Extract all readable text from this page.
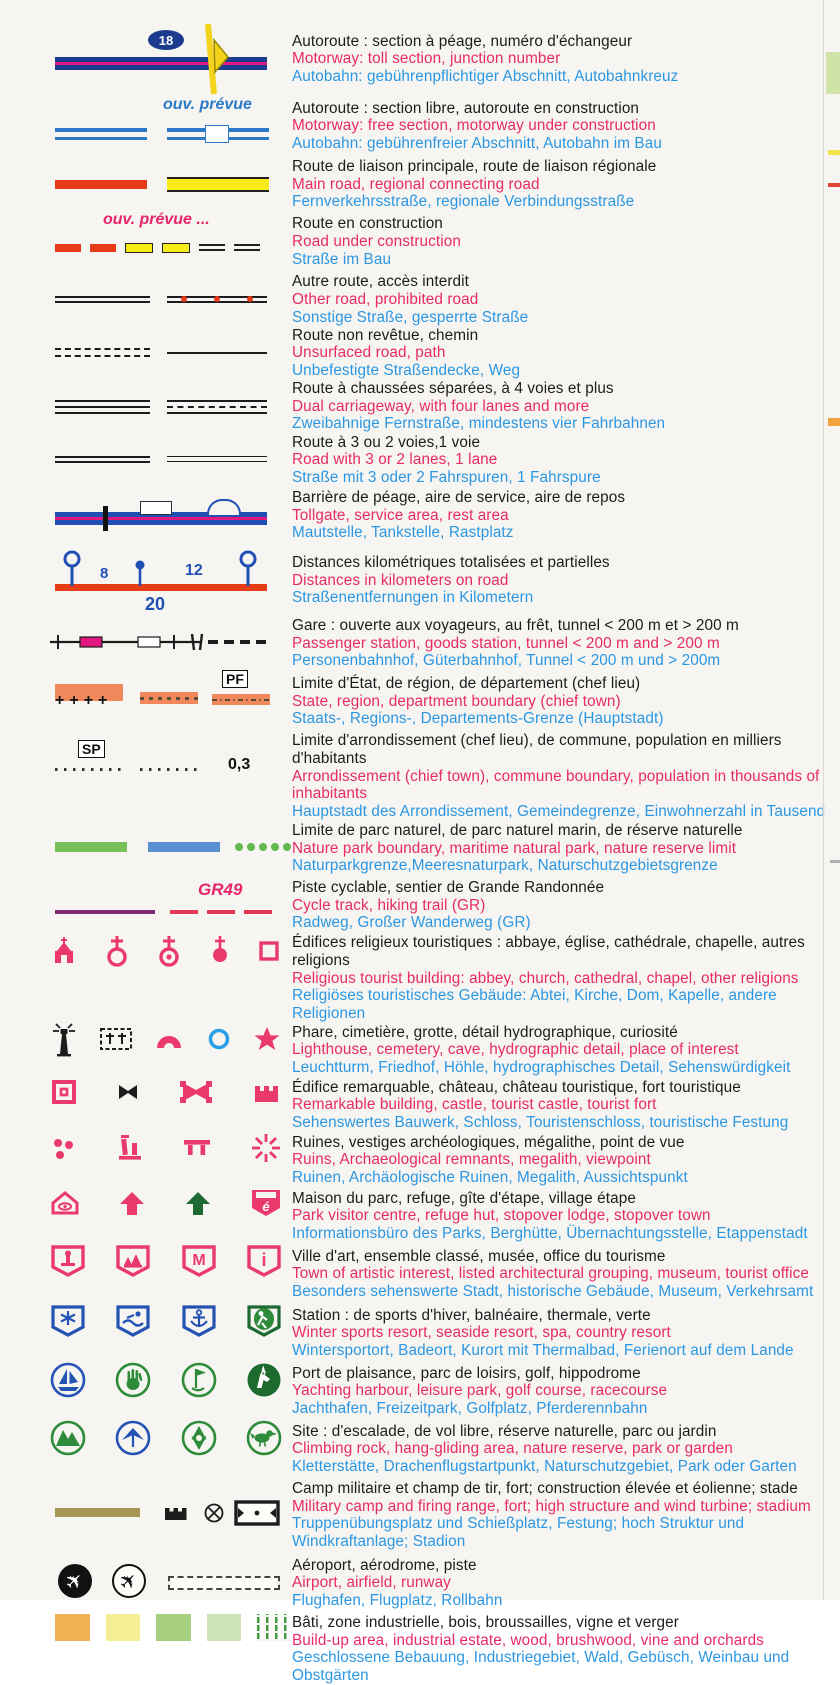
18	Autoroute : section à péage, numéro d'échangeur

Motorway: toll section, junction number

Autobahn: gebührenpflichtiger Abschnitt, Autobahnkreuz

ouv. prévue	Autoroute : section libre, autoroute en construction

Motorway: free section, motorway under construction

Autobahn: gebührenfreier Abschnitt, Autobahn im Bau

Route de liaison principale, route de liaison régionale

Main road, regional connecting road

Fernverkehrsstraße, regionale Verbindungsstraße

ouv. prévue ...	Route en construction

Road under construction

Straße im Bau

Autre route, accès interdit

Other road, prohibited road

Sonstige Straße, gesperrte Straße

Route non revêtue, chemin

Unsurfaced road, path

Unbefestigte Straßendecke, Weg

Route à chaussées séparées, à 4 voies et plus

Dual carriageway, with four lanes and more

Zweibahnige Fernstraße, mindestens vier Fahrbahnen

Route à 3 ou 2 voies,1 voie

Road with 3 or 2 lanes, 1 lane

Straße mit 3 oder 2 Fahrspuren, 1 Fahrspure

Barrière de péage, aire de service, aire de repos

Tollgate, service area, rest area

Mautstelle, Tankstelle, Rastplatz

8	12
20

Distances kilométriques totalisées et partielles

Distances in kilometers on road

Straßenentfernungen in Kilometern

Gare : ouverte aux voyageurs, au frêt, tunnel < 200 m et > 200 m

Passenger station, goods station, tunnel < 200 m and > 200 m

Personenbahnhof, Güterbahnhof, Tunnel < 200 m und > 200m

++++
PF	Limite d'État, de région, de département (chef lieu)

State, region, department boundary (chief town)

Staats-, Regions-, Departements-Grenze (Hauptstadt)

SP
0,3

Limite d'arrondissement (chef lieu), de commune, population en milliers d'habitants

Arrondissement (chief town), commune boundary, population in thousands of inhabitants

Hauptstadt des Arrondissement, Gemeindegrenze, Einwohnerzahl in Tausend

Limite de parc naturel, de parc naturel marin, de réserve naturelle

Nature park boundary, maritime natural park, nature reserve limit

Naturparkgrenze,Meeresnaturpark, Naturschutzgebietsgrenze

GR49	Piste cyclable, sentier de Grande Randonnée

Cycle track, hiking trail (GR)

Radweg, Großer Wanderweg (GR)

Édifices religieux touristiques : abbaye, église, cathédrale, chapelle, autres religions

Religious tourist building: abbey, church, cathedral, chapel, other religions

Religiöses touristisches Gebäude: Abtei, Kirche, Dom, Kapelle, andere Religionen

Phare, cimetière, grotte, détail hydrographique, curiosité

Lighthouse, cemetery, cave, hydrographic detail, place of interest

Leuchtturm, Friedhof, Höhle, hydrographisches Detail, Sehenswürdigkeit

Édifice remarquable, château, château touristique, fort touristique

Remarkable building, castle, tourist castle, tourist fort

Sehenswertes Bauwerk, Schloss, Touristenschloss, touristische Festung

Ruines, vestiges archéologiques, mégalithe, point de vue

Ruins, Archaeological remnants, megalith, viewpoint

Ruinen, Archäologische Ruinen, Megalith, Aussichtspunkt

é Maison du parc, refuge, gîte d'étape, village étape

Park visitor centre, refuge hut, stopover lodge, stopover town

Informationsbüro des Parks, Berghütte, Übernachtungsstelle, Etappenstadt

M	i Ville d'art, ensemble classé, musée, office du tourisme

Town of artistic interest, listed architectural grouping, museum, tourist office

Besonders sehenswerte Stadt, historische Gebäude, Museum, Verkehrsamt

Station : de sports d'hiver, balnéaire, thermale, verte

Winter sports resort, seaside resort, spa, country resort

Wintersportort, Badeort, Kurort mit Thermalbad, Ferienort auf dem Lande

Port de plaisance, parc de loisirs, golf, hippodrome

Yachting harbour, leisure park, golf course, racecourse

Jachthafen, Freizeitpark, Golfplatz, Pferderennbahn

Site : d'escalade, de vol libre, réserve naturelle, parc ou jardin

Climbing rock, hang-gliding area, nature reserve, park or garden

Kletterstätte, Drachenflugstartpunkt, Naturschutzgebiet, Park oder Garten

Camp militaire et champ de tir, fort; construction élevée et éolienne; stade

Military camp and firing range, fort; high structure and wind turbine; stadium

Truppenübungsplatz und Schießplatz, Festung; hoch Struktur und Windkraftanlage; Stadion

✈ ✈

Aéroport, aérodrome, piste

Airport, airfield, runway

Flughafen, Flugplatz, Rollbahn

Bâti, zone industrielle, bois, broussailles, vigne et verger

Build-up area, industrial estate, wood, brushwood, vine and orchards

Geschlossene Bebauung, Industriegebiet, Wald, Gebüsch, Weinbau und Obstgärten
